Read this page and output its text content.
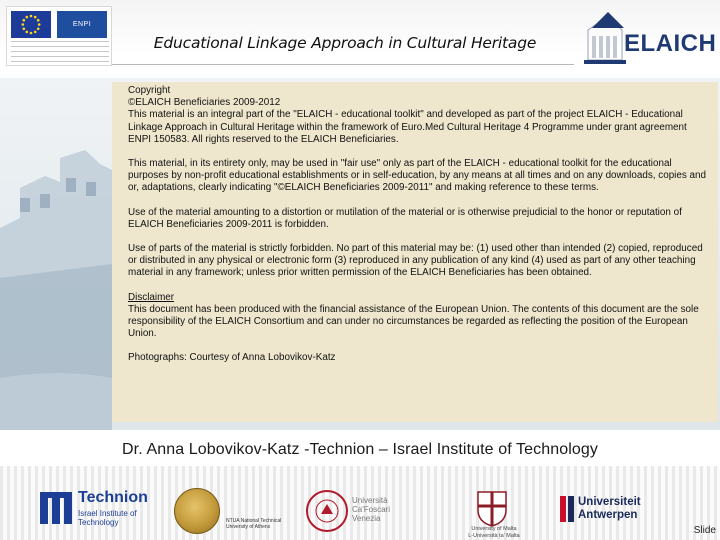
ENPI
Educational Linkage Approach in Cultural Heritage	ELAICH

Copyright

©ELAICH Beneficiaries 2009-2012

This material is an integral part of the "ELAICH - educational toolkit" and developed as part of the project ELAICH - Educational Linkage Approach in Cultural Heritage within the framework of Euro.Med Cultural Heritage 4 Programme under grant agreement ENPI 150583. All rights reserved to the ELAICH Beneficiaries.

This material, in its entirety only, may be used in "fair use" only as part of the ELAICH - educational toolkit for the educational purposes by non-profit educational establishments or in self-education, by any means at all times and on any downloads, copies and or, adaptations, clearly indicating "©ELAICH Beneficiaries 2009-2011" and making reference to these terms.

Use of the material amounting to a distortion or mutilation of the material or is otherwise prejudicial to the honor or reputation of ELAICH Beneficiaries 2009-2011 is forbidden.

Use of parts of the material is strictly forbidden. No part of this material may be: (1) used other than intended (2) copied, reproduced or distributed in any physical or electronic form (3) reproduced in any publication of any kind (4) used as part of any other teaching material in any framework; unless prior written permission of the ELAICH Beneficiaries has been obtained.

Disclaimer

This document has been produced with the financial assistance of the European Union. The contents of this document are the sole responsibility of the ELAICH Consortium and can under no circumstances be regarded as reflecting the position of the European Union.

Photographs: Courtesy of Anna Lobovikov-Katz

Dr. Anna Lobovikov-Katz -Technion – Israel Institute of Technology
Technion
Israel Institute of
Technology	NTUA National Technical
University of Athens
Università
Ca'Foscari
Venezia
University of Malta
L-Università ta' Malta
Universiteit
Antwerpen
Slide
